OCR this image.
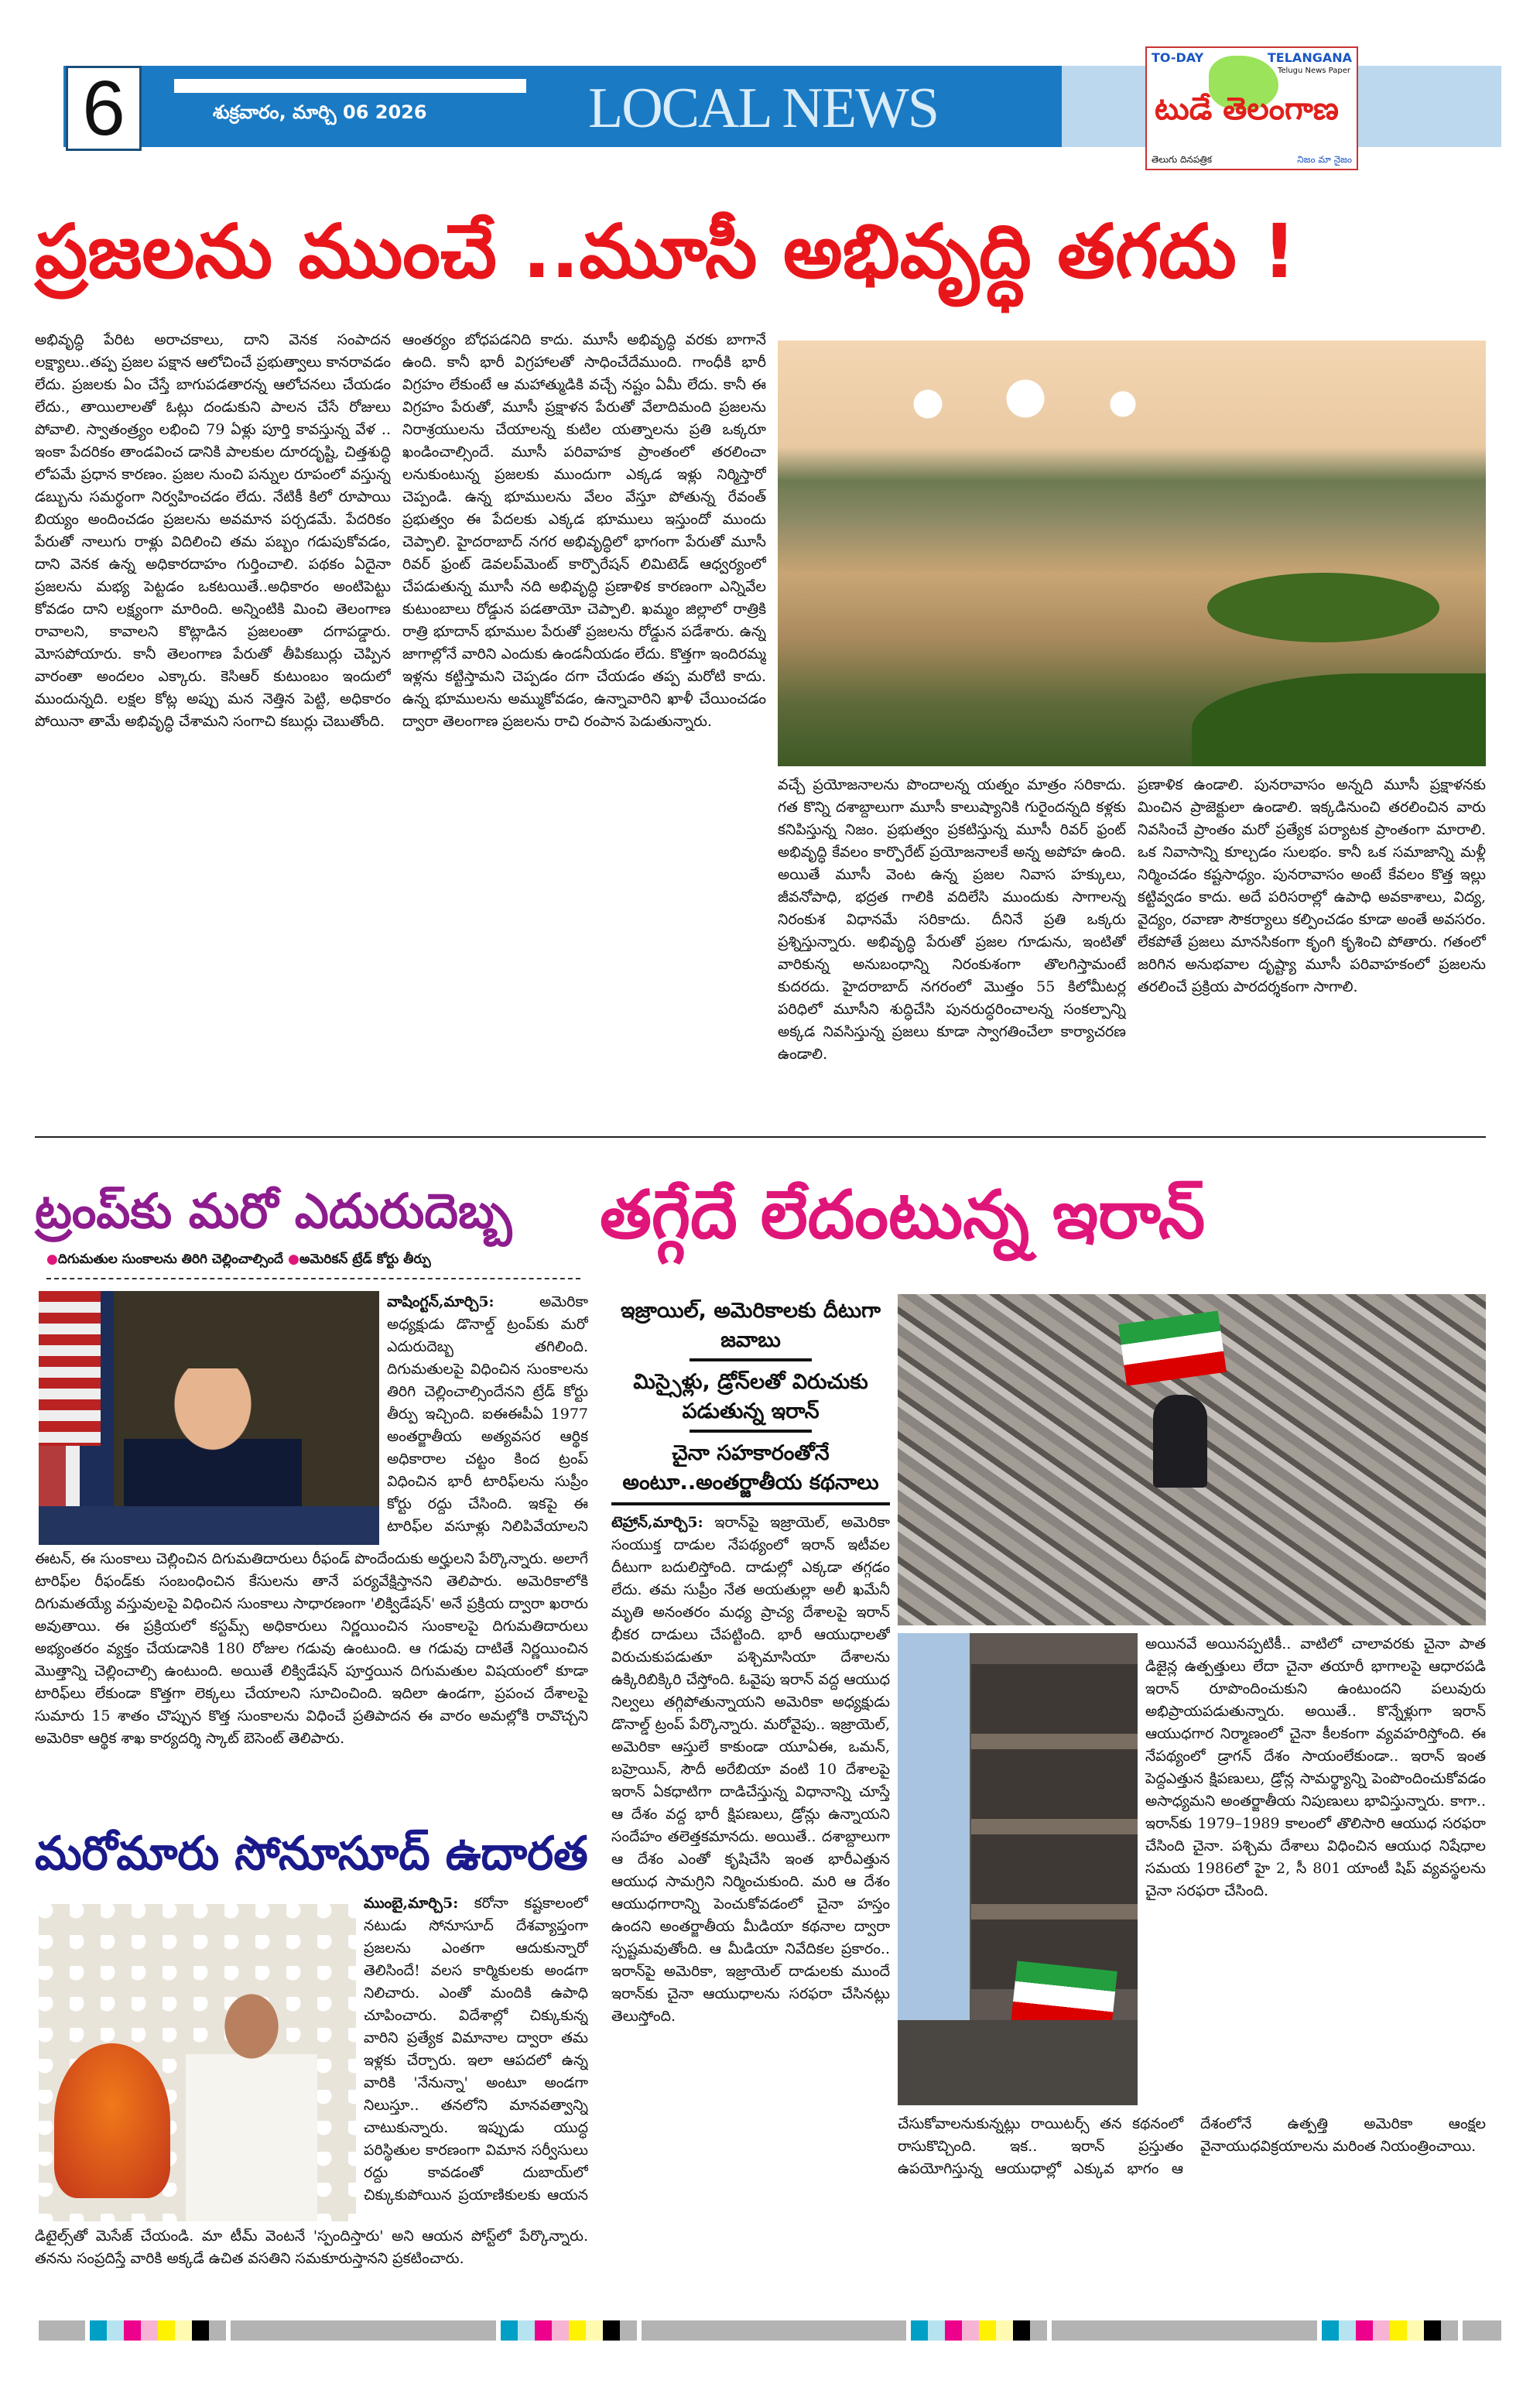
6	శుక్రవారం, మార్చి 06 2026	LOCAL NEWS
TO-DAY	TELANGANA
Telugu News Paper
టుడే తెలంగాణ
తెలుగు దినపత్రిక	నిజం మా నైజం
ప్రజలను ముంచే ..మూసీ అభివృద్ధి తగదు !
అభివృద్ధి పేరిట అరాచకాలు, దాని వెనక సంపాదన లక్ష్యాలు..తప్ప ప్రజల పక్షాన ఆలోచించే ప్రభుత్వాలు కానరావడం లేదు. ప్రజలకు ఏం చేస్తే బాగుపడతారన్న ఆలోచనలు చేయడం లేదు., తాయిలాలతో ఓట్లు దండుకుని పాలన చేసే రోజులు పోవాలి. స్వాతంత్ర్యం లభించి 79 ఏళ్లు పూర్తి కావస్తున్న వేళ .. ఇంకా పేదరికం తాండవించ డానికి పాలకుల దూరదృష్టి, చిత్తశుద్ధి లోపమే ప్రధాన కారణం. ప్రజల నుంచి పన్నుల రూపంలో వస్తున్న డబ్బును సమర్థంగా నిర్వహించడం లేదు. నేటికీ కిలో రూపాయి బియ్యం అందించడం ప్రజలను అవమాన పర్చడమే. పేదరికం పేరుతో నాలుగు రాళ్లు విదిలించి తమ పబ్బం గడుపుకోవడం, దాని వెనక ఉన్న అధికారదాహం గుర్తించాలి. పథకం ఏదైనా ప్రజలను మభ్య పెట్టడం ఒకటయితే..అధికారం అంటిపెట్టు కోవడం దాని లక్ష్యంగా మారింది. అన్నింటికి మించి తెలంగాణ రావాలని, కావాలని కొట్లాడిన ప్రజలంతా దగాపడ్డారు. మోసపోయారు. కానీ తెలంగాణ పేరుతో తీపికబుర్లు చెప్పిన వారంతా అందలం ఎక్కారు. కెసిఆర్ కుటుంబం ఇందులో ముందున్నది. లక్షల కోట్ల అప్పు మన నెత్తిన పెట్టి, అధికారం పోయినా తామే అభివృద్ధి చేశామని సంగాచి కబుర్లు చెబుతోంది.
ఆంతర్యం బోధపడనిది కాదు. మూసీ అభివృద్ధి వరకు బాగానే ఉంది. కానీ భారీ విగ్రహాలతో సాధించేదేముంది. గాంధీకి భారీ విగ్రహం లేకుంటే ఆ మహాత్ముడికి వచ్చే నష్టం ఏమీ లేదు. కానీ ఈ విగ్రహం పేరుతో, మూసీ ప్రక్షాళన పేరుతో వేలాదిమంది ప్రజలను నిరాశ్రయులను చేయాలన్న కుటిల యత్నాలను ప్రతి ఒక్కరూ ఖండించాల్సిందే. మూసీ పరివాహక ప్రాంతంలో తరలించా లనుకుంటున్న ప్రజలకు ముందుగా ఎక్కడ ఇళ్లు నిర్మిస్తారో చెప్పండి. ఉన్న భూములను వేలం వేస్తూ పోతున్న రేవంత్ ప్రభుత్వం ఈ పేదలకు ఎక్కడ భూములు ఇస్తుందో ముందు చెప్పాలి. హైదరాబాద్ నగర అభివృద్ధిలో భాగంగా పేరుతో మూసీ రివర్ ఫ్రంట్ డెవలప్‌మెంట్ కార్పొరేషన్ లిమిటెడ్ ఆధ్వర్యంలో చేపడుతున్న మూసీ నది అభివృద్ధి ప్రణాళిక కారణంగా ఎన్నివేల కుటుంబాలు రోడ్డున పడతాయో చెప్పాలి. ఖమ్మం జిల్లాలో రాత్రికి రాత్రి భూదాన్ భూముల పేరుతో ప్రజలను రోడ్డున పడేశారు. ఉన్న జాగాల్లోనే వారిని ఎందుకు ఉండనీయడం లేదు. కొత్తగా ఇందిరమ్మ ఇళ్లను కట్టిస్తామని చెప్పడం దగా చేయడం తప్ప మరోటి కాదు. ఉన్న భూములను అమ్ముకోవడం, ఉన్నావారిని ఖాళీ చేయించడం ద్వారా తెలంగాణ ప్రజలను రాచి రంపాన పెడుతున్నారు.
వచ్చే ప్రయోజనాలను పొందాలన్న యత్నం మాత్రం సరికాదు. గత కొన్ని దశాబ్దాలుగా మూసీ కాలుష్యానికి గురైందన్నది కళ్లకు కనిపిస్తున్న నిజం. ప్రభుత్వం ప్రకటిస్తున్న మూసీ రివర్ ఫ్రంట్ అభివృద్ధి కేవలం కార్పొరేట్ ప్రయోజనాలకే అన్న అపోహ ఉంది. అయితే మూసీ వెంట ఉన్న ప్రజల నివాస హక్కులు, జీవనోపాధి, భద్రత గాలికి వదిలేసి ముందుకు సాగాలన్న నిరంకుశ విధానమే సరికాదు. దీనినే ప్రతి ఒక్కరు ప్రశ్నిస్తున్నారు. అభివృద్ధి పేరుతో ప్రజల గూడును, ఇంటితో వారికున్న అనుబంధాన్ని నిరంకుశంగా తొలగిస్తామంటే కుదరదు. హైదరాబాద్ నగరంలో మొత్తం 55 కిలోమీటర్ల పరిధిలో మూసీని శుద్ధిచేసి పునరుద్ధరించాలన్న సంకల్పాన్ని అక్కడ నివసిస్తున్న ప్రజలు కూడా స్వాగతించేలా కార్యాచరణ ఉండాలి.
ప్రణాళిక ఉండాలి. పునరావాసం అన్నది మూసీ ప్రక్షాళనకు మించిన ప్రాజెక్టులా ఉండాలి. ఇక్కడినుంచి తరలించిన వారు నివసించే ప్రాంతం మరో ప్రత్యేక పర్యాటక ప్రాంతంగా మారాలి. ఒక నివాసాన్ని కూల్చడం సులభం. కానీ ఒక సమాజాన్ని మళ్లీ నిర్మించడం కష్టసాధ్యం. పునరావాసం అంటే కేవలం కొత్త ఇల్లు కట్టివ్వడం కాదు. అదే పరిసరాల్లో ఉపాధి అవకాశాలు, విద్య, వైద్యం, రవాణా సౌకర్యాలు కల్పించడం కూడా అంతే అవసరం. లేకపోతే ప్రజలు మానసికంగా కృంగి కృశించి పోతారు. గతంలో జరిగిన అనుభవాల దృష్ట్యా మూసీ పరివాహకంలో ప్రజలను తరలించే ప్రక్రియ పారదర్శకంగా సాగాలి.
ట్రంప్‌కు మరో ఎదురుదెబ్బ
●దిగుమతుల సుంకాలను తిరిగి చెల్లించాల్సిందే ●అమెరికన్ ట్రేడ్ కోర్టు తీర్పు
వాషింగ్టన్,మార్చి5:	అమెరికా అధ్యక్షుడు డొనాల్డ్ ట్రంప్‌కు మరో ఎదురుదెబ్బ తగిలింది. దిగుమతులపై విధించిన సుంకాలను తిరిగి చెల్లించాల్సిందేనని ట్రేడ్ కోర్టు తీర్పు ఇచ్చింది. ఐఈఈపీఏ 1977 అంతర్జాతీయ అత్యవసర ఆర్థిక అధికారాల చట్టం కింద ట్రంప్ విధించిన భారీ టారిఫ్‌లను సుప్రీం కోర్టు రద్దు చేసింది. ఇకపై ఈ టారిఫ్‌ల వసూళ్లు నిలిపివేయాలని
ఈటన్, ఈ సుంకాలు చెల్లించిన దిగుమతిదారులు రీఫండ్ పొందేందుకు అర్హులని పేర్కొన్నారు. అలాగే టారిఫ్‌ల రీఫండ్‌కు సంబంధించిన కేసులను తానే పర్యవేక్షిస్తానని తెలిపారు. అమెరికాలోకి దిగుమతయ్యే వస్తువులపై విధించిన సుంకాలు సాధారణంగా 'లిక్విడేషన్' అనే ప్రక్రియ ద్వారా ఖరారు అవుతాయి. ఈ ప్రక్రియలో కస్టమ్స్ అధికారులు నిర్ణయించిన సుంకాలపై దిగుమతిదారులు అభ్యంతరం వ్యక్తం చేయడానికి 180 రోజుల గడువు ఉంటుంది. ఆ గడువు దాటితే నిర్ణయించిన మొత్తాన్ని చెల్లించాల్సి ఉంటుంది. అయితే లిక్విడేషన్ పూర్తయిన దిగుమతుల విషయంలో కూడా టారిఫ్‌లు లేకుండా కొత్తగా లెక్కలు చేయాలని సూచించింది. ఇదిలా ఉండగా, ప్రపంచ దేశాలపై సుమారు 15 శాతం చొప్పున కొత్త సుంకాలను విధించే ప్రతిపాదన ఈ వారం అమల్లోకి రావొచ్చని అమెరికా ఆర్థిక శాఖ కార్యదర్శి స్కాట్ బెసెంట్ తెలిపారు.
తగ్గేదే లేదంటున్న ఇరాన్
ఇజ్రాయిల్, అమెరికాలకు దీటుగా జవాబు
మిస్సైళ్లు, డ్రోన్‌లతో విరుచుకు పడుతున్న ఇరాన్
చైనా సహకారంతోనే అంటూ..అంతర్జాతీయ కథనాలు
టెహ్రాన్,మార్చి5: ఇరాన్‌పై ఇజ్రాయెల్, అమెరికా సంయుక్త దాడుల నేపథ్యంలో ఇరాన్ ఇటీవల దీటుగా బదులిస్తోంది. దాడుల్లో ఎక్కడా తగ్గడం లేదు. తమ సుప్రీం నేత అయతుల్లా అలీ ఖమేనీ మృతి అనంతరం మధ్య ప్రాచ్య దేశాలపై ఇరాన్ భీకర దాడులు చేపట్టింది. భారీ ఆయుధాలతో విరుచుకుపడుతూ పశ్చిమాసియా దేశాలను ఉక్కిరిబిక్కిరి చేస్తోంది. ఓవైపు ఇరాన్ వద్ద ఆయుధ నిల్వలు తగ్గిపోతున్నాయని అమెరికా అధ్యక్షుడు డొనాల్డ్ ట్రంప్ పేర్కొన్నారు. మరోవైపు.. ఇజ్రాయెల్, అమెరికా ఆస్తులే కాకుండా యూఏఈ, ఒమన్, బహ్రెయిన్, సౌదీ అరేబియా వంటి 10 దేశాలపై ఇరాన్ ఏకధాటిగా దాడిచేస్తున్న విధానాన్ని చూస్తే ఆ దేశం వద్ద భారీ క్షిపణులు, డ్రోన్లు ఉన్నాయని సందేహం తలెత్తకమానదు. అయితే.. దశాబ్దాలుగా ఆ దేశం ఎంతో కృషిచేసి ఇంత భారీఎత్తున ఆయుధ సామగ్రిని నిర్మించుకుంది. మరి ఆ దేశం ఆయుధగారాన్ని పెంచుకోవడంలో చైనా హస్తం ఉందని అంతర్జాతీయ మీడియా కథనాల ద్వారా స్పష్టమవుతోంది. ఆ మీడియా నివేదికల ప్రకారం.. ఇరాన్‌పై అమెరికా, ఇజ్రాయెల్ దాడులకు ముందే ఇరాన్‌కు చైనా ఆయుధాలను సరఫరా చేసినట్లు తెలుస్తోంది.
అయినవే అయినప్పటికీ.. వాటిలో చాలావరకు చైనా పాత డిజైన్ల ఉత్పత్తులు లేదా చైనా తయారీ భాగాలపై ఆధారపడి ఇరాన్ రూపొందించుకుని ఉంటుందని పలువురు అభిప్రాయపడుతున్నారు. అయితే.. కొన్నేళ్లుగా ఇరాన్ ఆయుధగార నిర్మాణంలో చైనా కీలకంగా వ్యవహరిస్తోంది. ఈ నేపథ్యంలో డ్రాగన్ దేశం సాయంలేకుండా.. ఇరాన్ ఇంత పెద్దఎత్తున క్షిపణులు, డ్రోన్ల సామర్థ్యాన్ని పెంపొందించుకోవడం అసాధ్యమని అంతర్జాతీయ నిపుణులు భావిస్తున్నారు. కాగా.. ఇరాన్‌కు 1979–1989 కాలంలో తొలిసారి ఆయుధ సరఫరా చేసింది చైనా. పశ్చిమ దేశాలు విధించిన ఆయుధ నిషేధాల సమయ 1986లో హై 2, సీ 801 యాంటీ షిప్ వ్యవస్థలను చైనా సరఫరా చేసింది.
చేసుకోవాలనుకున్నట్లు రాయిటర్స్ తన కథనంలో రాసుకొచ్చింది. ఇక.. ఇరాన్ ప్రస్తుతం ఉపయోగిస్తున్న ఆయుధాల్లో ఎక్కువ భాగం ఆ దేశంలోనే ఉత్పత్తి అమెరికా ఆంక్షల వైనాయుధవిక్రయాలను మరింత నియంత్రించాయి.
మరోమారు సోనూసూద్ ఉదారత
ముంబై,మార్చి5: కరోనా కష్టకాలంలో నటుడు సోనూసూద్ దేశవ్యాప్తంగా ప్రజలను ఎంతగా ఆదుకున్నారో తెలిసిందే! వలస కార్మికులకు అండగా నిలిచారు. ఎంతో మందికి ఉపాధి చూపించారు. విదేశాల్లో చిక్కుకున్న వారిని ప్రత్యేక విమానాల ద్వారా తమ ఇళ్లకు చేర్చారు. ఇలా ఆపదలో ఉన్న వారికి 'నేనున్నా' అంటూ అండగా నిలుస్తూ.. తనలోని మానవత్వాన్ని చాటుకున్నారు. ఇప్పుడు యుద్ధ పరిస్థితుల కారణంగా విమాన సర్వీసులు రద్దు కావడంతో దుబాయ్‌లో చిక్కుకుపోయిన ప్రయాణికులకు ఆయన
డిటైల్స్‌తో మెసేజ్ చేయండి. మా టీమ్ వెంటనే 'స్పందిస్తారు' అని ఆయన పోస్ట్‌లో పేర్కొన్నారు. తనను సంప్రదిస్తే వారికి అక్కడే ఉచిత వసతిని సమకూరుస్తానని ప్రకటించారు.
